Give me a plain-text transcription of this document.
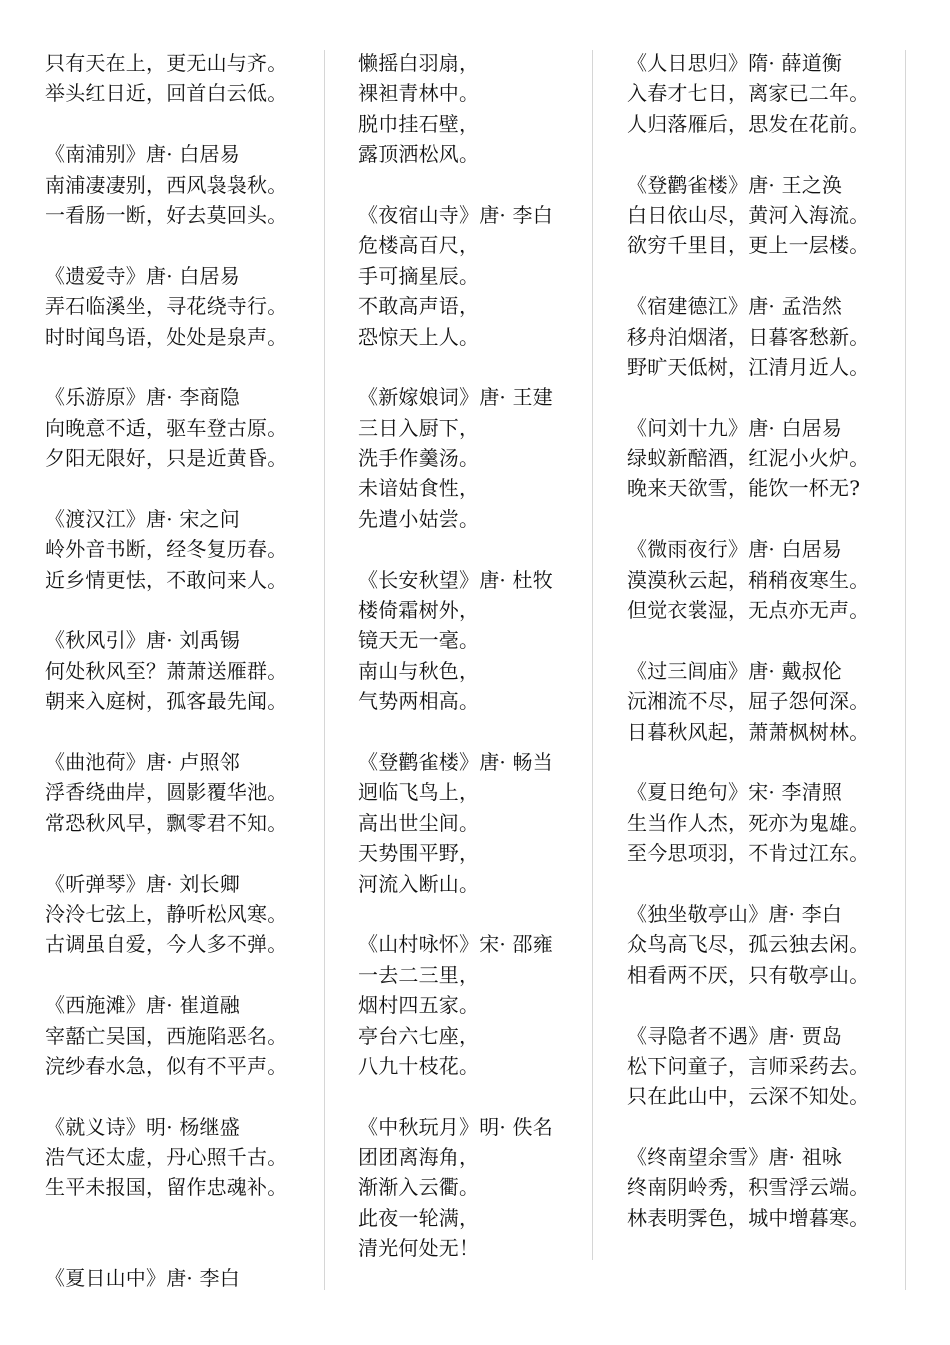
只有天在上，更无山与齐。
举头红日近，回首白云低。
《南浦别》唐· 白居易
南浦凄凄别，西风袅袅秋。
一看肠一断，好去莫回头。
《遗爱寺》唐· 白居易
弄石临溪坐，寻花绕寺行。
时时闻鸟语，处处是泉声。
《乐游原》唐· 李商隐
向晚意不适，驱车登古原。
夕阳无限好，只是近黄昏。
《渡汉江》唐· 宋之问
岭外音书断，经冬复历春。
近乡情更怯，不敢问来人。
《秋风引》唐· 刘禹锡
何处秋风至？萧萧送雁群。
朝来入庭树，孤客最先闻。
《曲池荷》唐· 卢照邻
浮香绕曲岸，圆影覆华池。
常恐秋风早，飘零君不知。
《听弹琴》唐· 刘长卿
泠泠七弦上，静听松风寒。
古调虽自爱，今人多不弹。
《西施滩》唐· 崔道融
宰嚭亡吴国，西施陷恶名。
浣纱春水急，似有不平声。
《就义诗》明· 杨继盛
浩气还太虚，丹心照千古。
生平未报国，留作忠魂补。
《夏日山中》唐· 李白
懒摇白羽扇，
裸袒青林中。
脱巾挂石壁，
露顶洒松风。
《夜宿山寺》唐· 李白
危楼高百尺，
手可摘星辰。
不敢高声语，
恐惊天上人。
《新嫁娘词》唐· 王建
三日入厨下，
洗手作羹汤。
未谙姑食性，
先遣小姑尝。
《长安秋望》唐· 杜牧
楼倚霜树外，
镜天无一毫。
南山与秋色，
气势两相高。
《登鹳雀楼》唐· 畅当
迥临飞鸟上，
高出世尘间。
天势围平野，
河流入断山。
《山村咏怀》宋· 邵雍
一去二三里，
烟村四五家。
亭台六七座，
八九十枝花。
《中秋玩月》明· 佚名
团团离海角，
渐渐入云衢。
此夜一轮满，
清光何处无！
《人日思归》隋· 薛道衡
入春才七日，离家已二年。
人归落雁后，思发在花前。
《登鹳雀楼》唐· 王之涣
白日依山尽，黄河入海流。
欲穷千里目，更上一层楼。
《宿建德江》唐· 孟浩然
移舟泊烟渚，日暮客愁新。
野旷天低树，江清月近人。
《问刘十九》唐· 白居易
绿蚁新醅酒，红泥小火炉。
晚来天欲雪，能饮一杯无?
《微雨夜行》唐· 白居易
漠漠秋云起，稍稍夜寒生。
但觉衣裳湿，无点亦无声。
《过三闾庙》唐· 戴叔伦
沅湘流不尽，屈子怨何深。
日暮秋风起，萧萧枫树林。
《夏日绝句》宋· 李清照
生当作人杰，死亦为鬼雄。
至今思项羽，不肯过江东。
《独坐敬亭山》唐· 李白
众鸟高飞尽，孤云独去闲。
相看两不厌，只有敬亭山。
《寻隐者不遇》唐· 贾岛
松下问童子，言师采药去。
只在此山中，云深不知处。
《终南望余雪》唐· 祖咏
终南阴岭秀，积雪浮云端。
林表明霁色，城中增暮寒。
